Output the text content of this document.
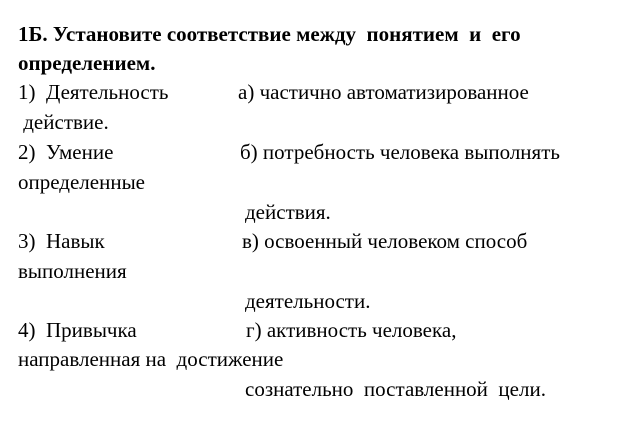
1Б. Установите соответствие между  понятием  и  его
определением.
1)  Деятельность	а) частично автоматизированное
действие.
2)  Умение	б) потребность человека выполнять
определенные
действия.
3)  Навык	в) освоенный человеком способ
выполнения
деятельности.
4)  Привычка	г) активность человека,
направленная на  достижение
сознательно  поставленной  цели.
